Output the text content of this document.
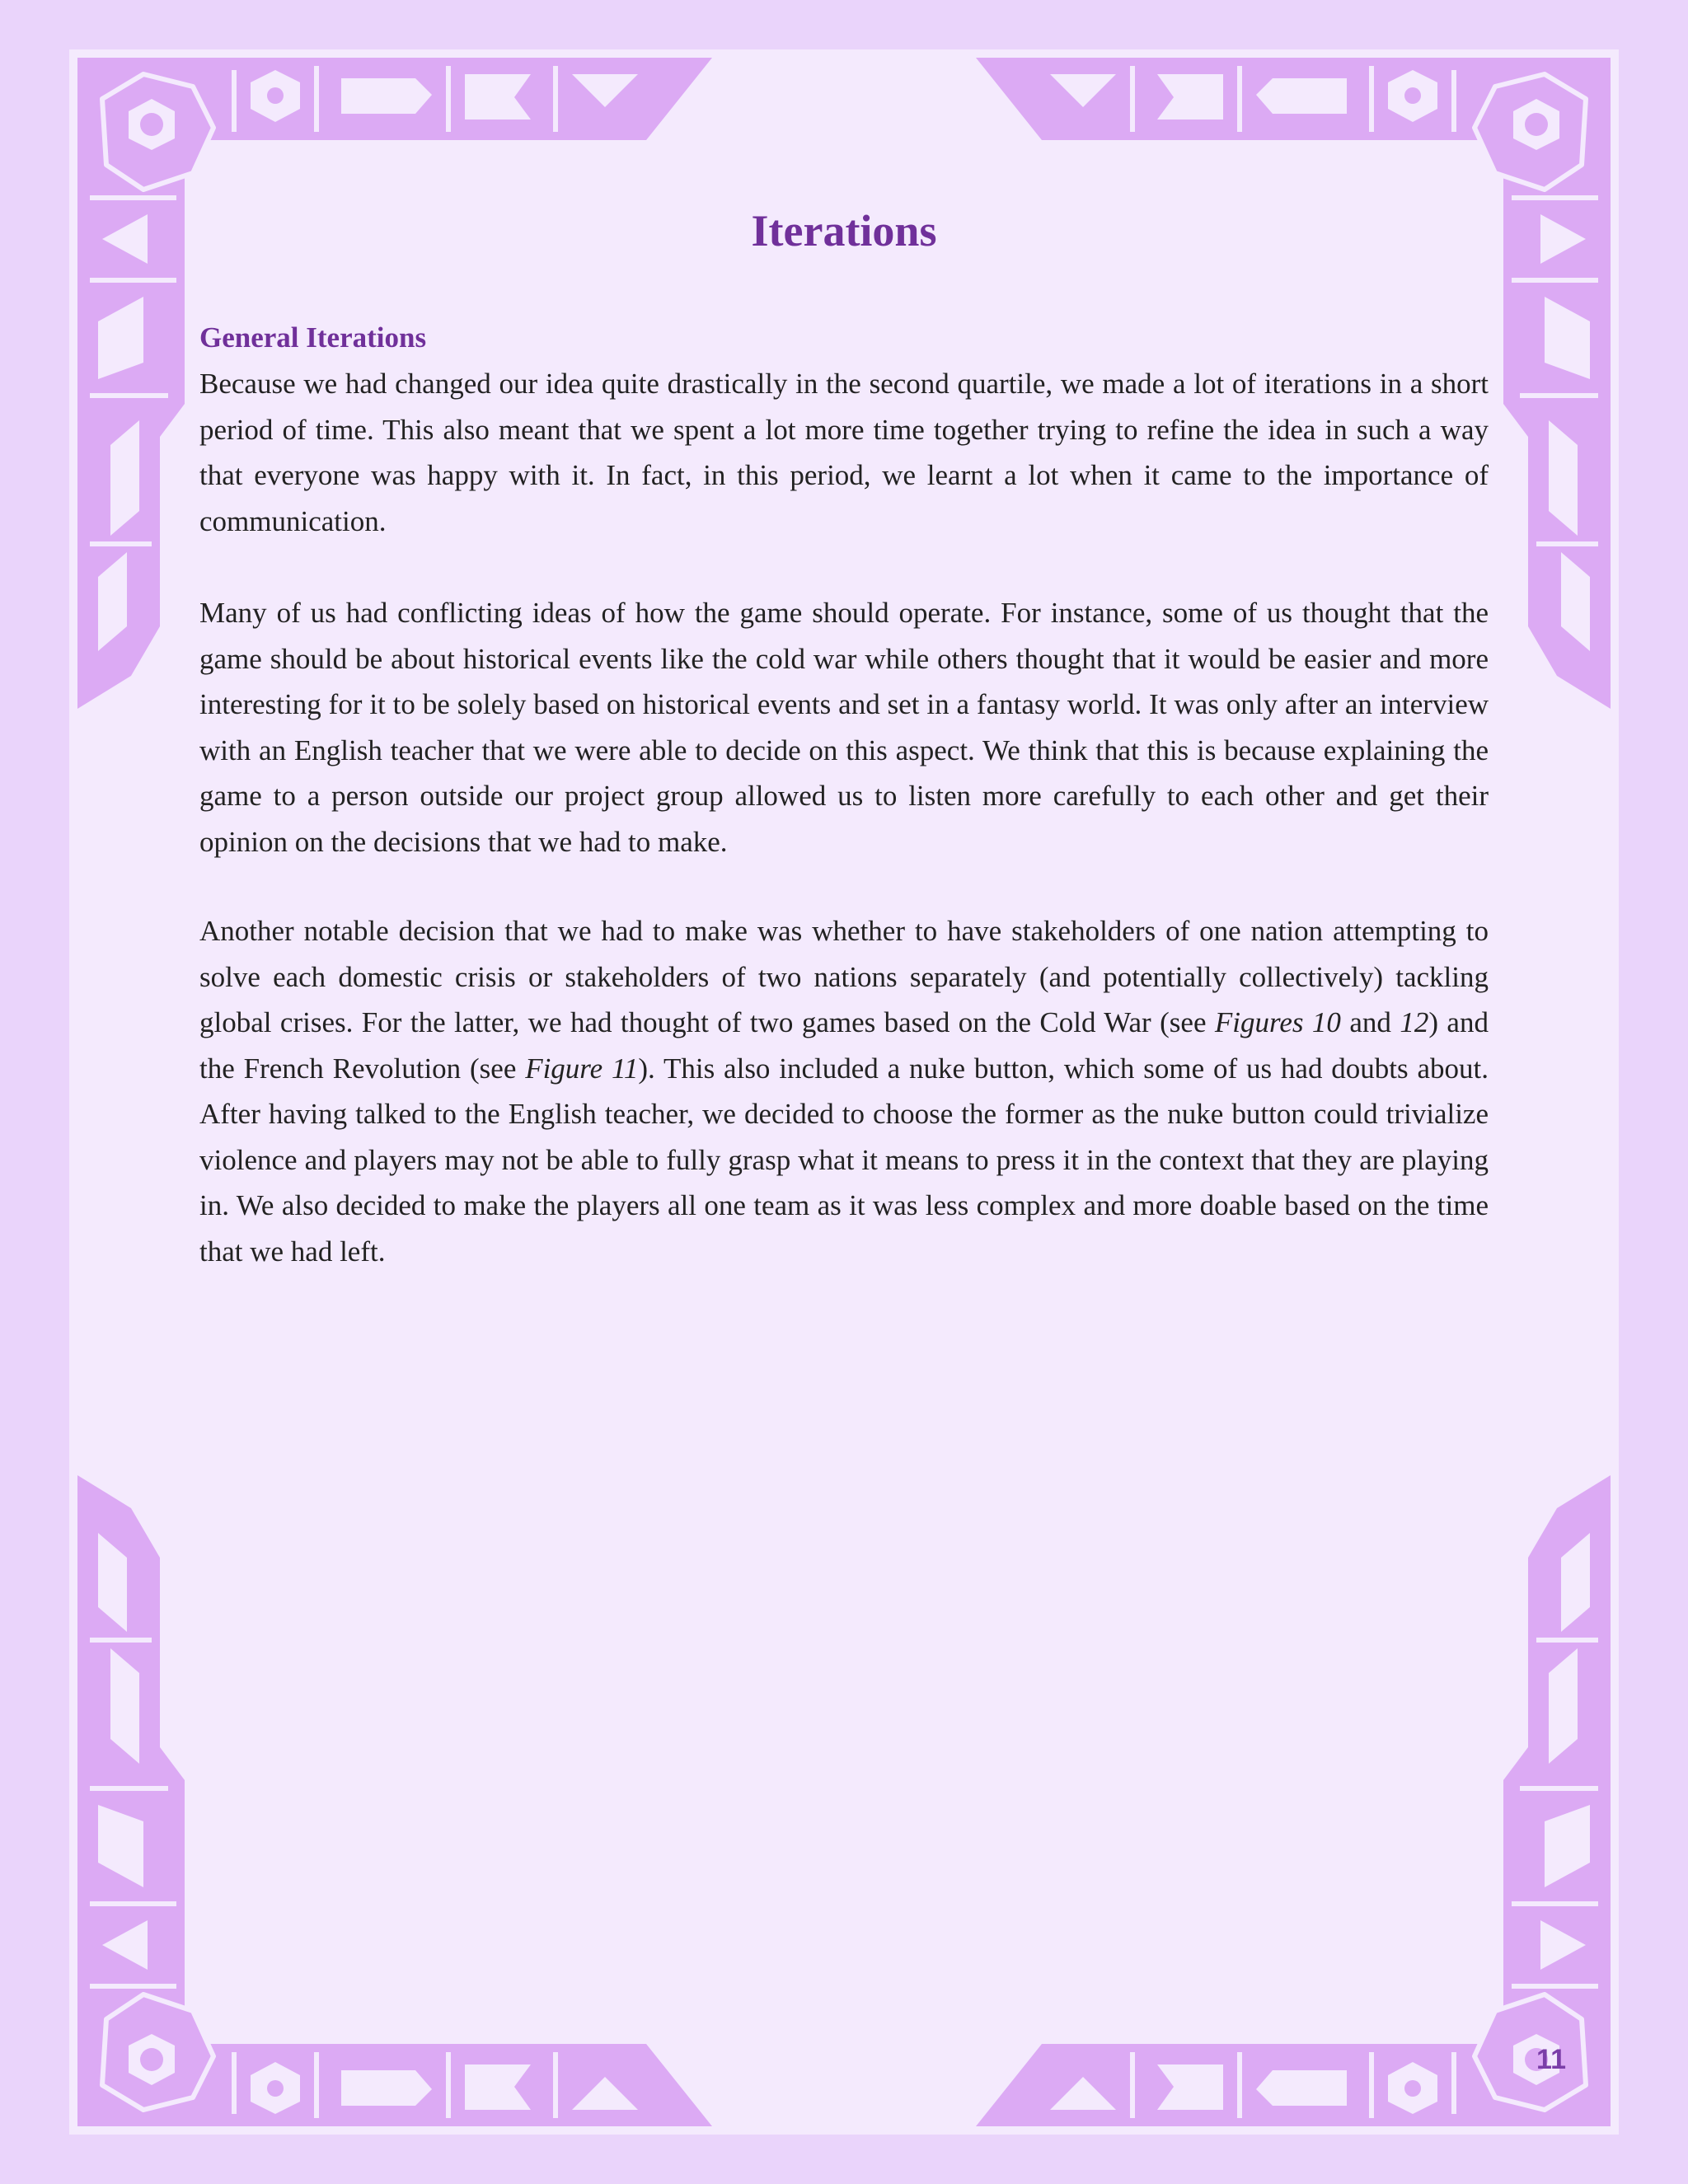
Iterations
General Iterations

Because we had changed our idea quite drastically in the second quartile, we made a lot of iterations in a short period of time. This also meant that we spent a lot more time together trying to refine the idea in such a way that everyone was happy with it. In fact, in this period, we learnt a lot when it came to the importance of communication.

Many of us had conflicting ideas of how the game should operate. For instance, some of us thought that the game should be about historical events like the cold war while others thought that it would be easier and more interesting for it to be solely based on historical events and set in a fantasy world. It was only after an interview with an English teacher that we were able to decide on this aspect. We think that this is because explaining the game to a person outside our project group allowed us to listen more carefully to each other and get their opinion on the decisions that we had to make.

Another notable decision that we had to make was whether to have stakeholders of one nation attempting to solve each domestic crisis or stakeholders of two nations separately (and potentially collectively) tackling global crises. For the latter, we had thought of two games based on the Cold War (see Figures 10 and 12) and the French Revolution (see Figure 11). This also included a nuke button, which some of us had doubts about. After having talked to the English teacher, we decided to choose the former as the nuke button could trivialize violence and players may not be able to fully grasp what it means to press it in the context that they are playing in. We also decided to make the players all one team as it was less complex and more doable based on the time that we had left.

11
